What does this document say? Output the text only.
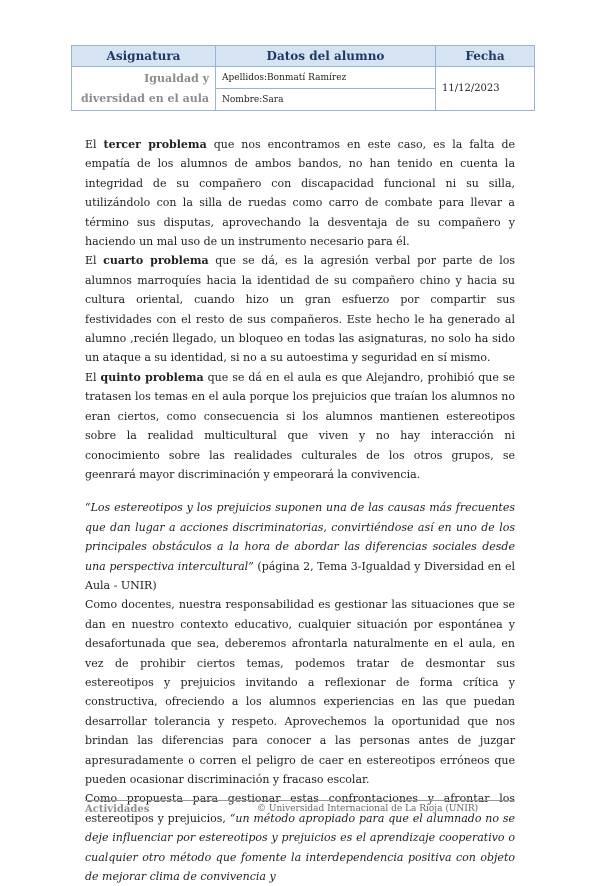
Asignatura	Datos del alumno	Fecha
Igualdad y diversidad en el aula	Apellidos:Bonmatí Ramírez	11/12/2023
	Nombre:Sara	

El tercer problema que nos encontramos en este caso, es la falta de empatía de los alumnos de ambos bandos, no han tenido en cuenta la integridad de su compañero con discapacidad funcional ni su silla, utilizándolo con la silla de ruedas como carro de combate para llevar a término sus disputas, aprovechando la desventaja de su compañero y haciendo un mal uso de un instrumento necesario para él.

El cuarto problema que se dá, es la agresión verbal por parte de los alumnos marroquíes hacia la identidad de su compañero chino y hacia su cultura oriental, cuando hizo un gran esfuerzo por compartir sus festividades con el resto de sus compañeros. Este hecho le ha generado al alumno ,recién llegado, un bloqueo en todas las asignaturas, no solo ha sido un ataque a su identidad, si no a su autoestima y seguridad en sí mismo.

El quinto problema que se dá en el aula es que Alejandro, prohibió que se tratasen los temas en el aula porque los prejuicios que traían los alumnos no eran ciertos, como consecuencia si los alumnos mantienen estereotipos sobre la realidad multicultural que viven y no hay interacción ni conocimiento sobre las realidades culturales de los otros grupos, se geenrará mayor discriminación y empeorará la convivencia.

“Los estereotipos y los prejuicios suponen una de las causas más frecuentes que dan lugar a acciones discriminatorias, convirtiéndose así en uno de los principales obstáculos a la hora de abordar las diferencias sociales desde una perspectiva intercultural” (página 2, Tema 3-Igualdad y Diversidad en el Aula - UNIR)

Como docentes, nuestra responsabilidad es gestionar las situaciones que se dan en nuestro contexto educativo, cualquier situación por espontánea y desafortunada que sea, deberemos afrontarla naturalmente en el aula, en vez de prohibir ciertos temas, podemos tratar de desmontar sus estereotipos y prejuicios invitando a reflexionar de forma crítica y constructiva, ofreciendo a los alumnos experiencias en las que puedan desarrollar tolerancia y respeto. Aprovechemos la oportunidad que nos brindan las diferencias para conocer a las personas antes de juzgar apresuradamente o corren el peligro de caer en estereotipos erróneos que pueden ocasionar discriminación y fracaso escolar.

Como propuesta para gestionar estas confrontaciones y afrontar los estereotipos y prejuicios, “un método apropiado para que el alumnado no se deje influenciar por estereotipos y prejuicios es el aprendizaje cooperativo o cualquier otro método que fomente la interdependencia positiva con objeto de mejorar clima de convivencia y

Actividades	© Universidad Internacional de La Rioja (UNIR)
